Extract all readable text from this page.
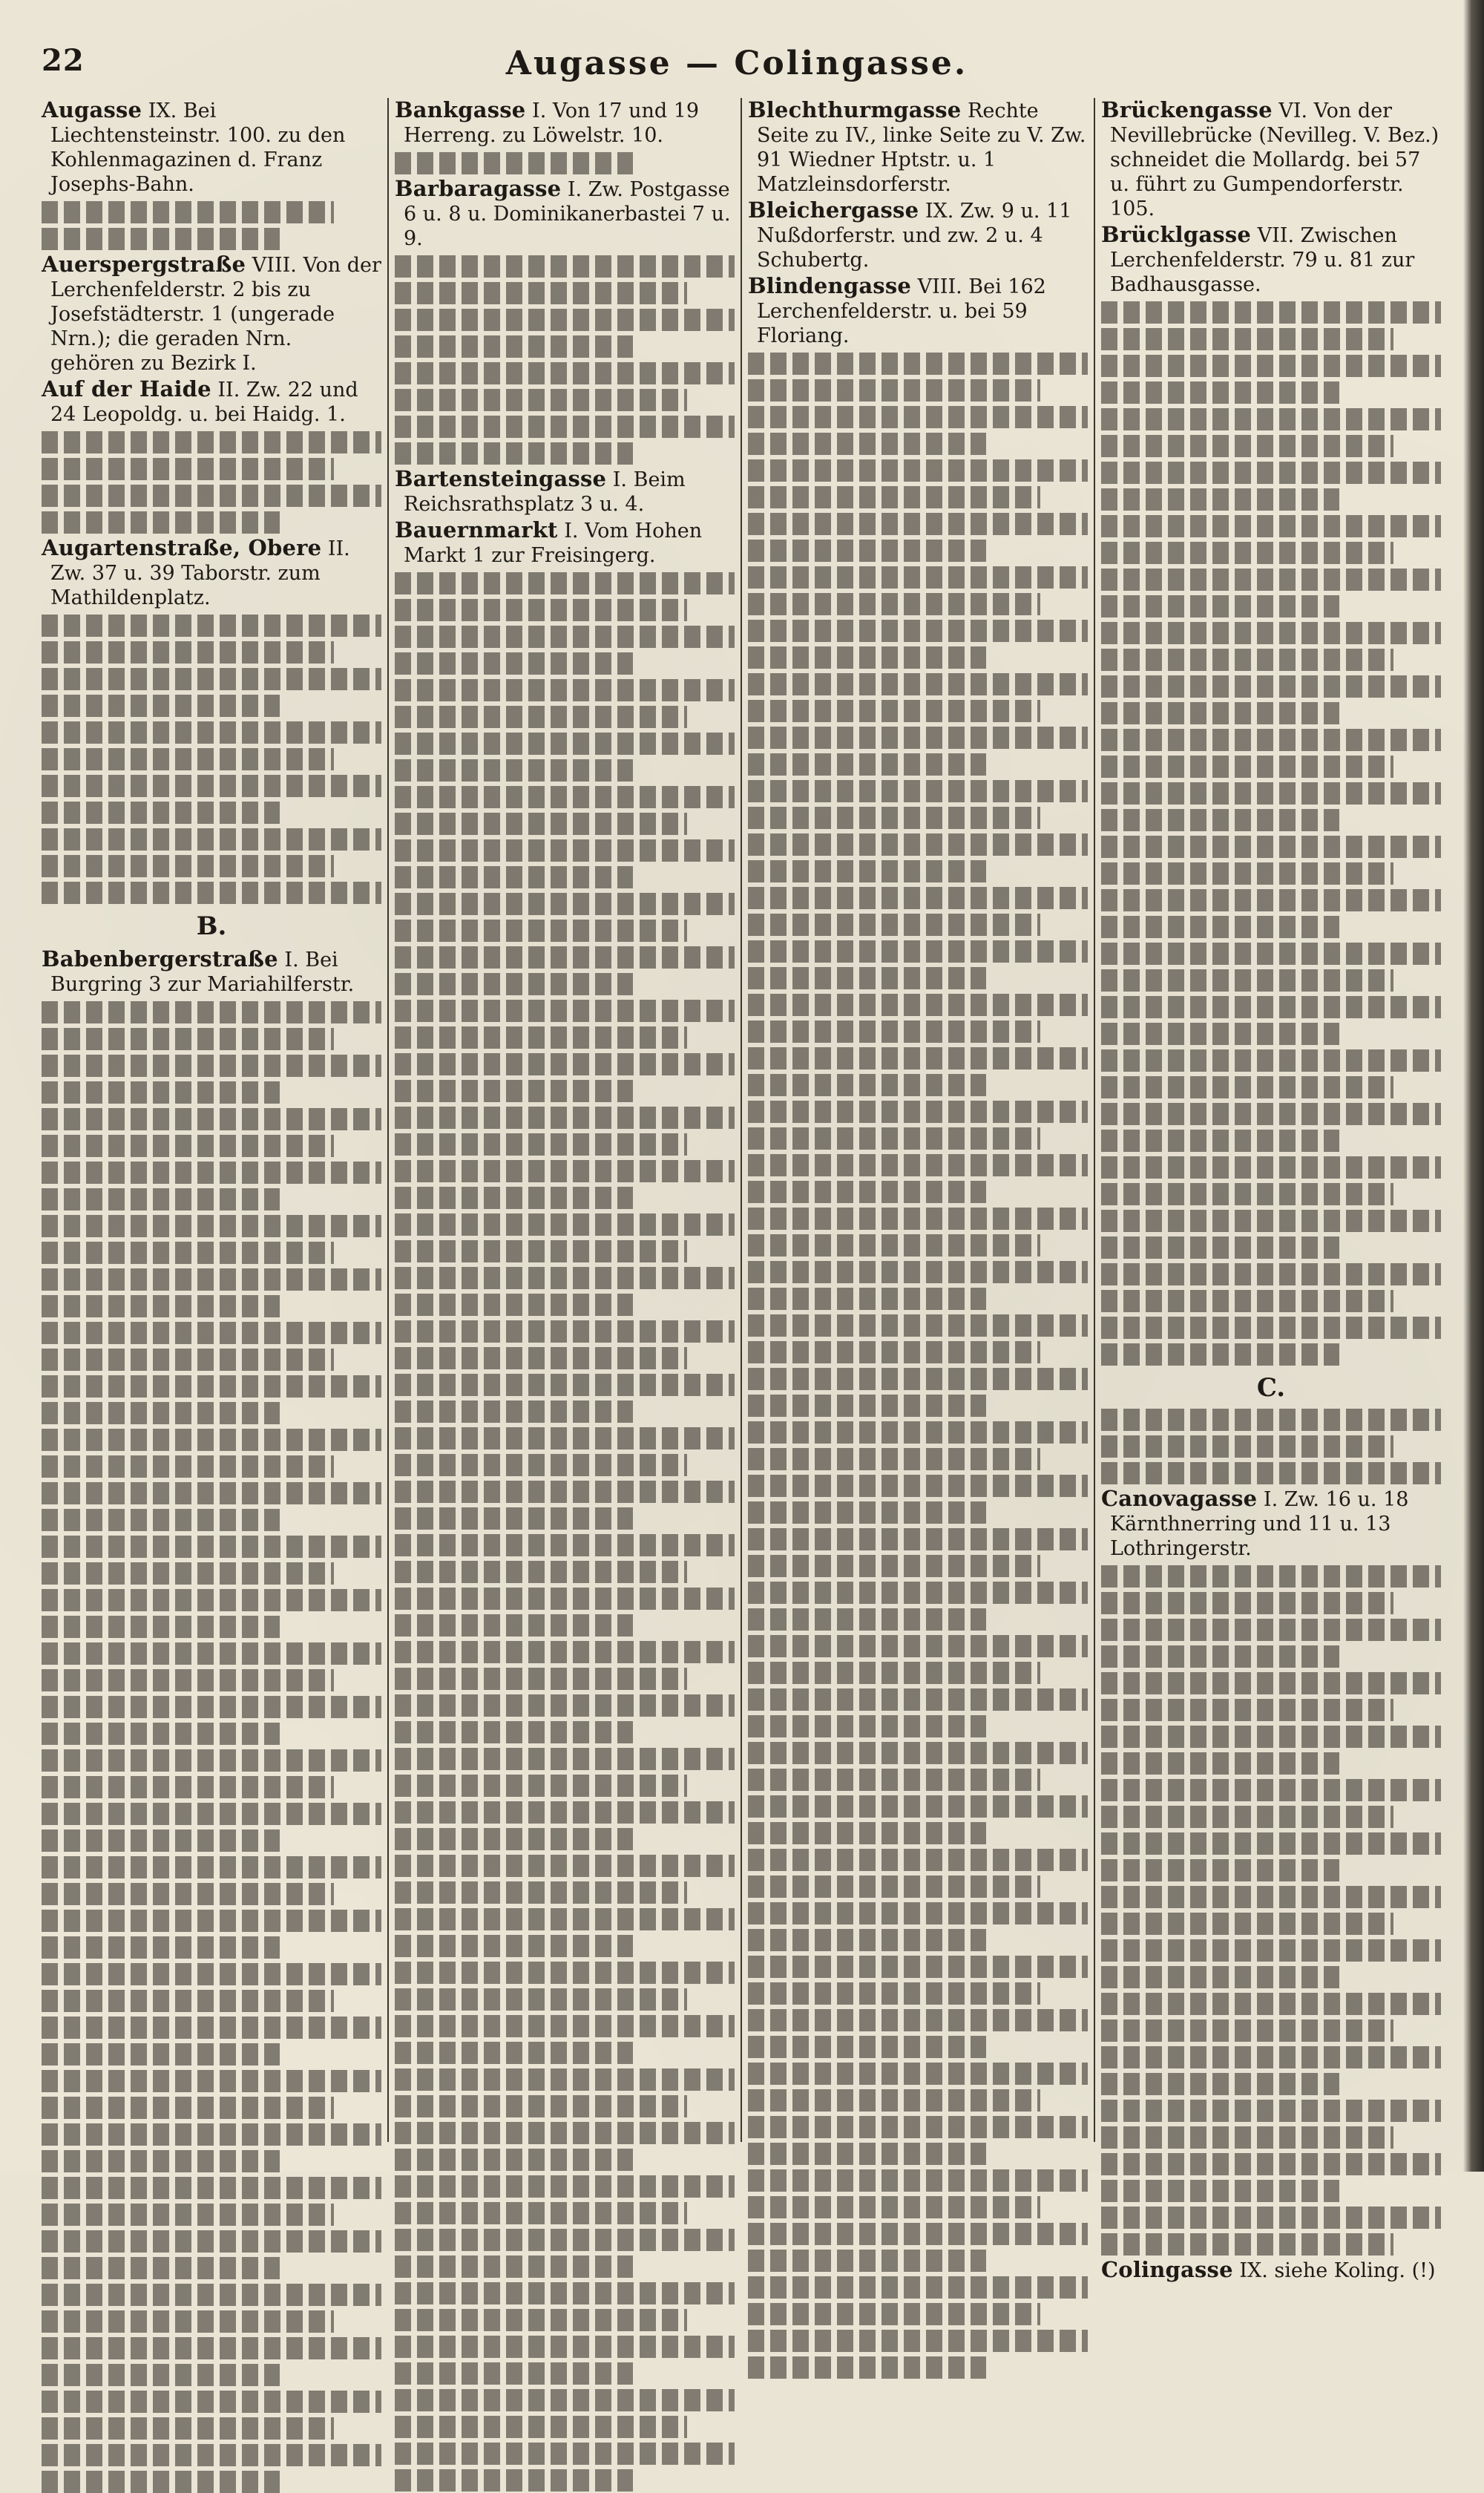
22	Augasse — Colingasse.

Augasse IX. Bei Liechtensteinstr. 100. zu den Kohlenmagazinen d. Franz Josephs-Bahn.

Auerspergstraße VIII. Von der Lerchenfelderstr. 2 bis zu Josefstädterstr. 1 (ungerade Nrn.); die geraden Nrn. gehören zu Bezirk I.

Auf der Haide II. Zw. 22 und 24 Leopoldg. u. bei Haidg. 1.

Augartenstraße, Obere II. Zw. 37 u. 39 Taborstr. zum Mathildenplatz.

B.

Babenbergerstraße I. Bei Burgring 3 zur Mariahilferstr.

Bankgasse I. Von 17 und 19 Herreng. zu Löwelstr. 10.

Barbaragasse I. Zw. Postgasse 6 u. 8 u. Dominikanerbastei 7 u. 9.

Bartensteingasse I. Beim Reichsrathsplatz 3 u. 4.

Bauernmarkt I. Vom Hohen Markt 1 zur Freisingerg.

Blechthurmgasse Rechte Seite zu IV., linke Seite zu V. Zw. 91 Wiedner Hptstr. u. 1 Matzleinsdorferstr.

Bleichergasse IX. Zw. 9 u. 11 Nußdorferstr. und zw. 2 u. 4 Schubertg.

Blindengasse VIII. Bei 162 Lerchenfelderstr. u. bei 59 Floriang.

Brückengasse VI. Von der Nevillebrücke (Nevilleg. V. Bez.) schneidet die Mollardg. bei 57 u. führt zu Gumpendorferstr. 105.

Brücklgasse VII. Zwischen Lerchenfelderstr. 79 u. 81 zur Badhausgasse.

C.

Canovagasse I. Zw. 16 u. 18 Kärnthnerring und 11 u. 13 Lothringerstr.

Colingasse IX. siehe Koling. (!)
